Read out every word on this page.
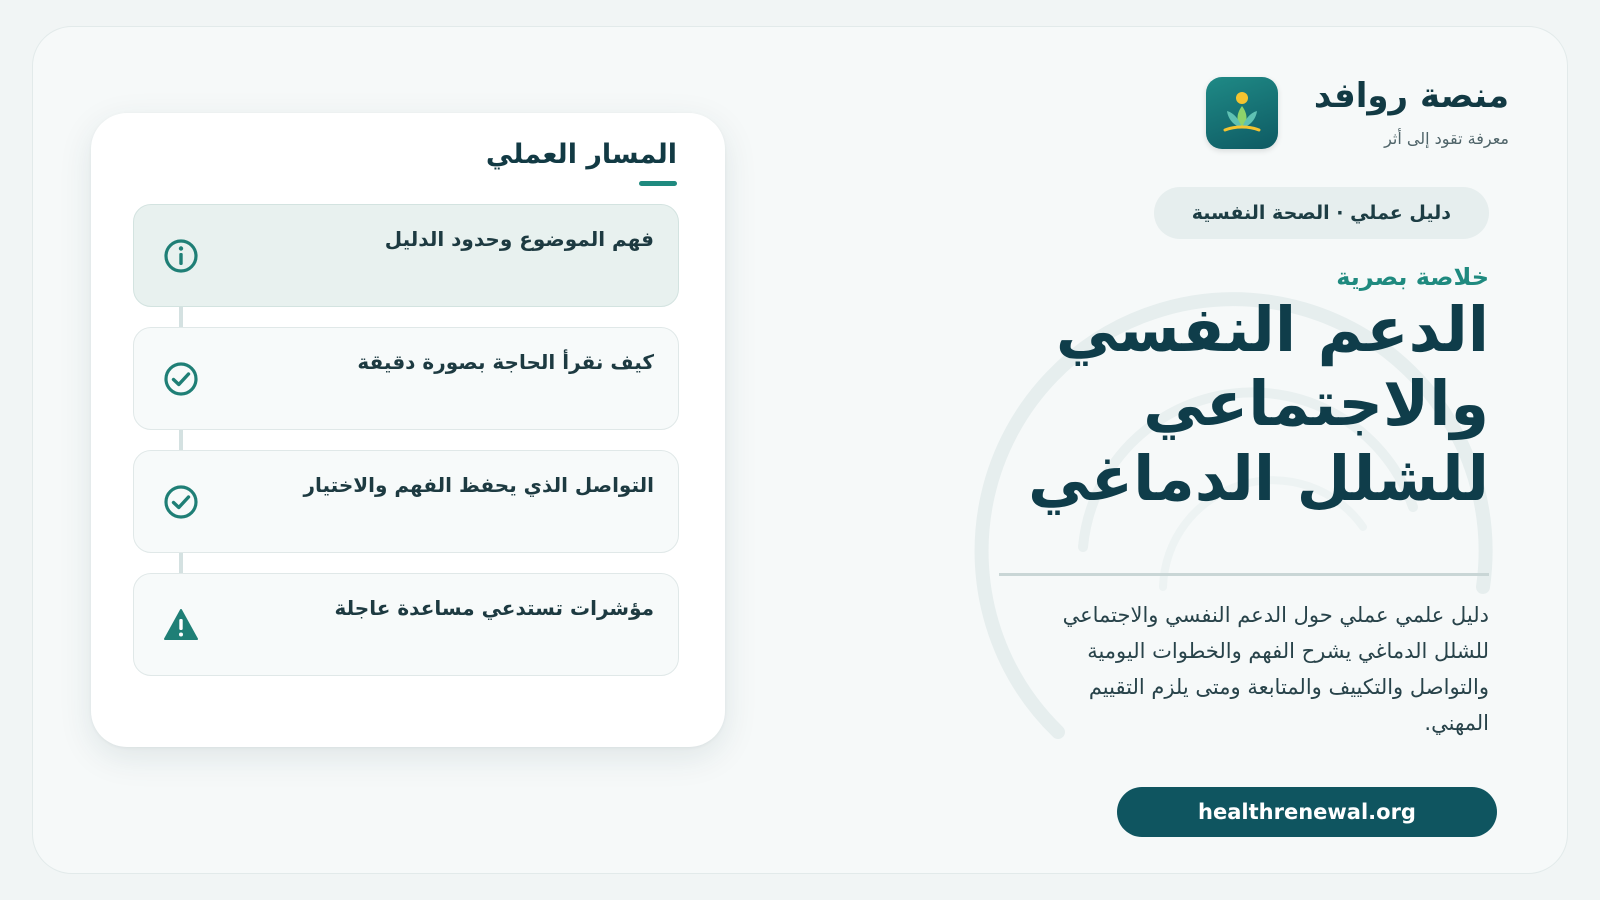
منصة روافد
معرفة تقود إلى أثر
دليل عملي · الصحة النفسية
خلاصة بصرية
الدعم النفسي والاجتماعي للشلل الدماغي
دليل علمي عملي حول الدعم النفسي والاجتماعي للشلل الدماغي يشرح الفهم والخطوات اليومية والتواصل والتكييف والمتابعة ومتى يلزم التقييم المهني.
healthrenewal.org
المسار العملي
فهم الموضوع وحدود الدليل
كيف نقرأ الحاجة بصورة دقيقة
التواصل الذي يحفظ الفهم والاختيار
مؤشرات تستدعي مساعدة عاجلة
